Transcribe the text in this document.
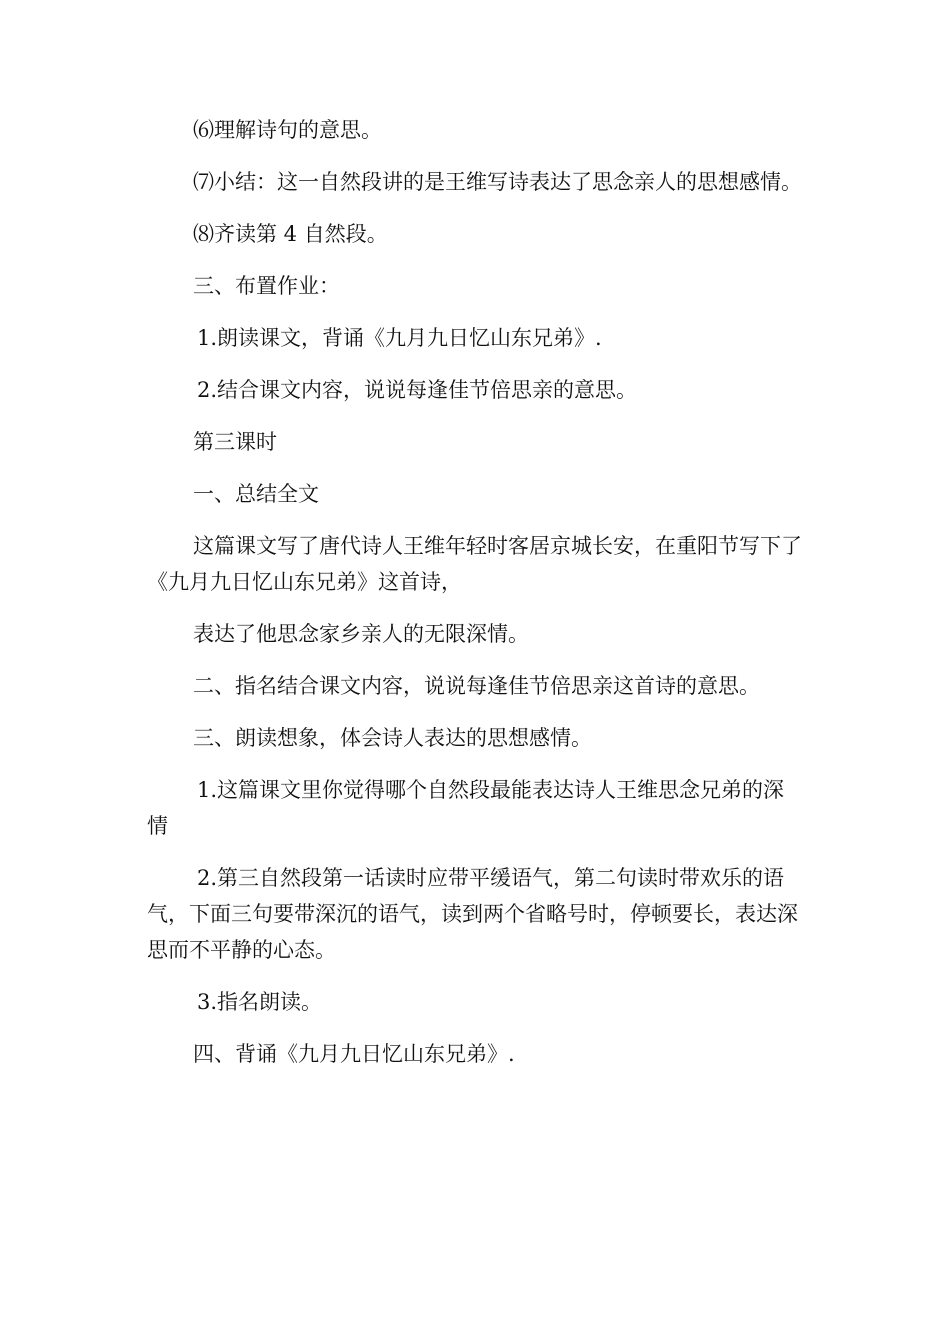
⑹理解诗句的意思。

⑺小结：这一自然段讲的是王维写诗表达了思念亲人的思想感情。

⑻齐读第 4 自然段。

三、布置作业：

1.朗读课文，背诵《九月九日忆山东兄弟》.

2.结合课文内容，说说每逢佳节倍思亲的意思。

第三课时

一、总结全文

这篇课文写了唐代诗人王维年轻时客居京城长安，在重阳节写下了《九月九日忆山东兄弟》这首诗，

表达了他思念家乡亲人的无限深情。

二、指名结合课文内容，说说每逢佳节倍思亲这首诗的意思。

三、朗读想象，体会诗人表达的思想感情。

1.这篇课文里你觉得哪个自然段最能表达诗人王维思念兄弟的深情

2.第三自然段第一话读时应带平缓语气，第二句读时带欢乐的语气，下面三句要带深沉的语气，读到两个省略号时，停顿要长，表达深思而不平静的心态。

3.指名朗读。

四、背诵《九月九日忆山东兄弟》.
